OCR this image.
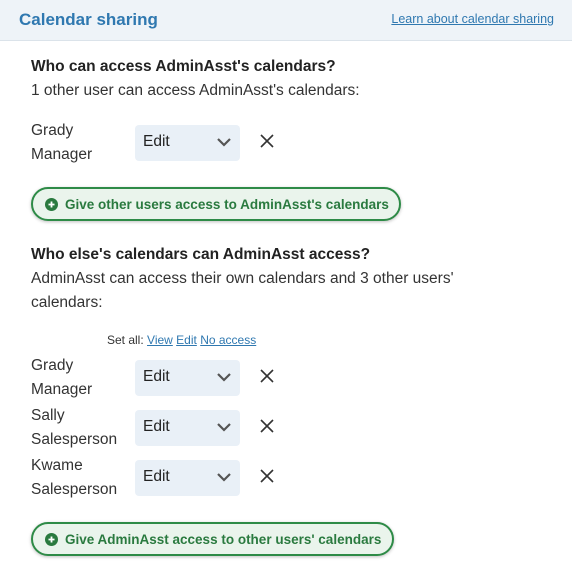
Calendar sharing	Learn about calendar sharing
Who can access AdminAsst's calendars?
1 other user can access AdminAsst's calendars:
Grady
Manager
Edit
Give other users access to AdminAsst's calendars
Who else's calendars can AdminAsst access?
AdminAsst can access their own calendars and 3 other users'
calendars:
Set all: View Edit No access
Grady
Manager
Edit
Sally
Salesperson
Edit
Kwame
Salesperson
Edit
Give AdminAsst access to other users' calendars
